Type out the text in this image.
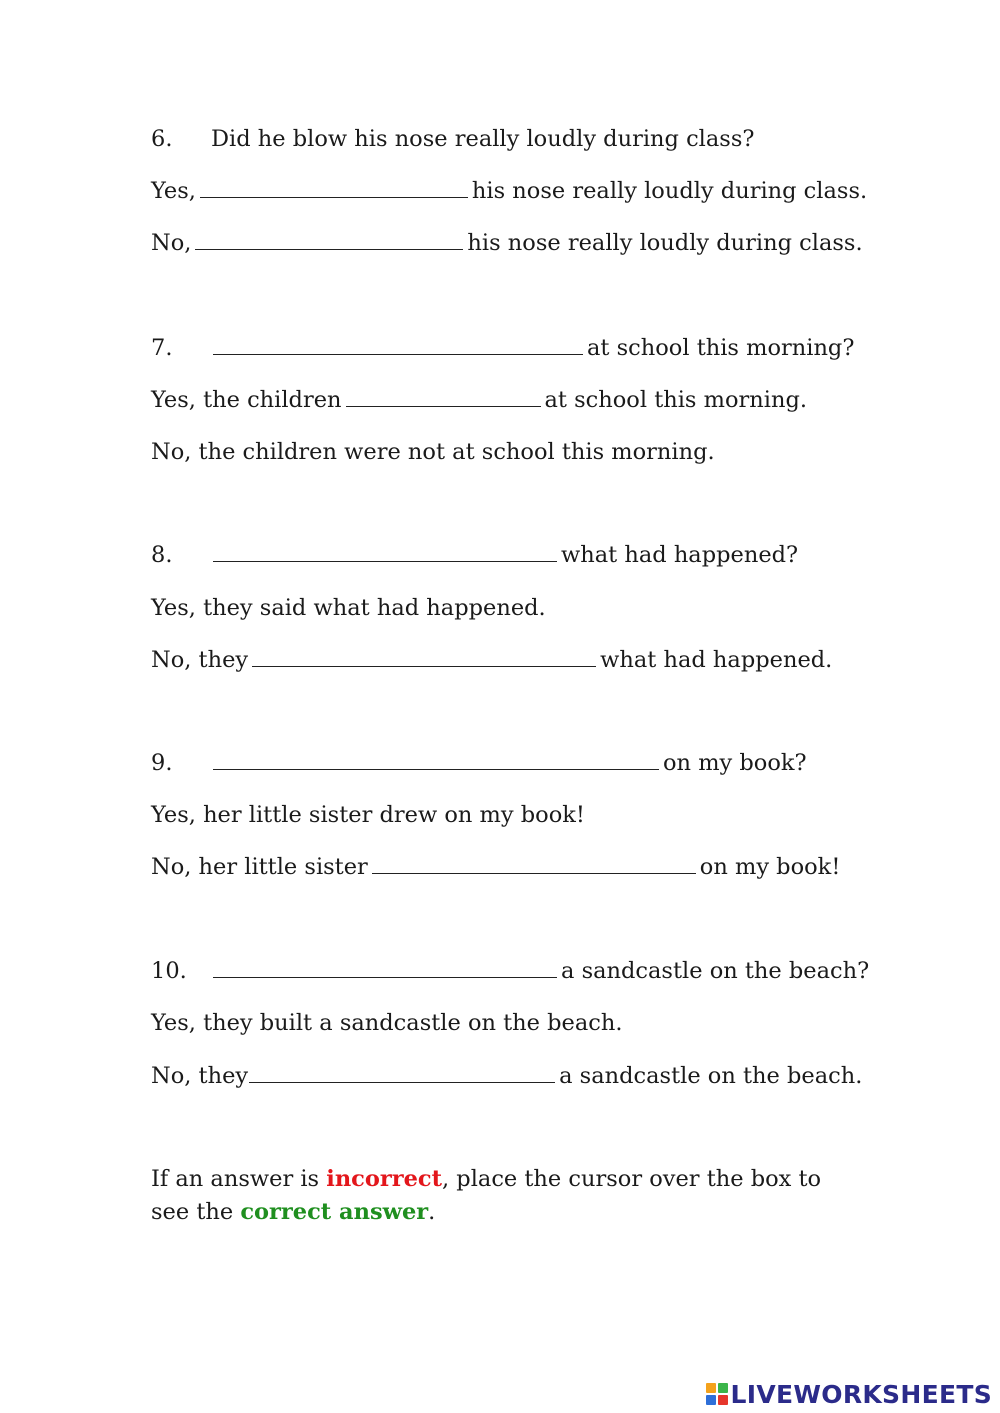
6. Did he blow his nose really loudly during class?
Yes,	his nose really loudly during class.
No,	his nose really loudly during class.
7.	at school this morning?
Yes, the children	at school this morning.
No, the children were not at school this morning.
8.	what had happened?
Yes, they said what had happened.
No, they	what had happened.
9.	on my book?
Yes, her little sister drew on my book!
No, her little sister	on my book!
10.	a sandcastle on the beach?
Yes, they built a sandcastle on the beach.
No, they	a sandcastle on the beach.
If an answer is incorrect, place the cursor over the box to see the correct answer.
LIVEWORKSHEETS
